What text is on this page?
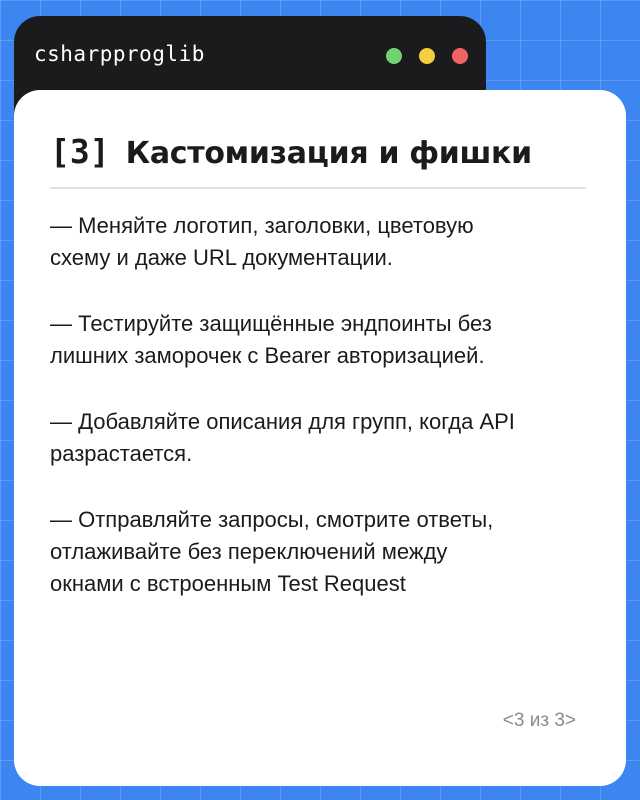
csharpproglib
[3] Кастомизация и фишки

— Меняйте логотип, заголовки, цветовую
схему и даже URL документации.

— Тестируйте защищённые эндпоинты без
лишних заморочек с Bearer авторизацией.

— Добавляйте описания для групп, когда API
разрастается.

— Отправляйте запросы, смотрите ответы,
отлаживайте без переключений между
окнами с встроенным Test Request

<3 из 3>
